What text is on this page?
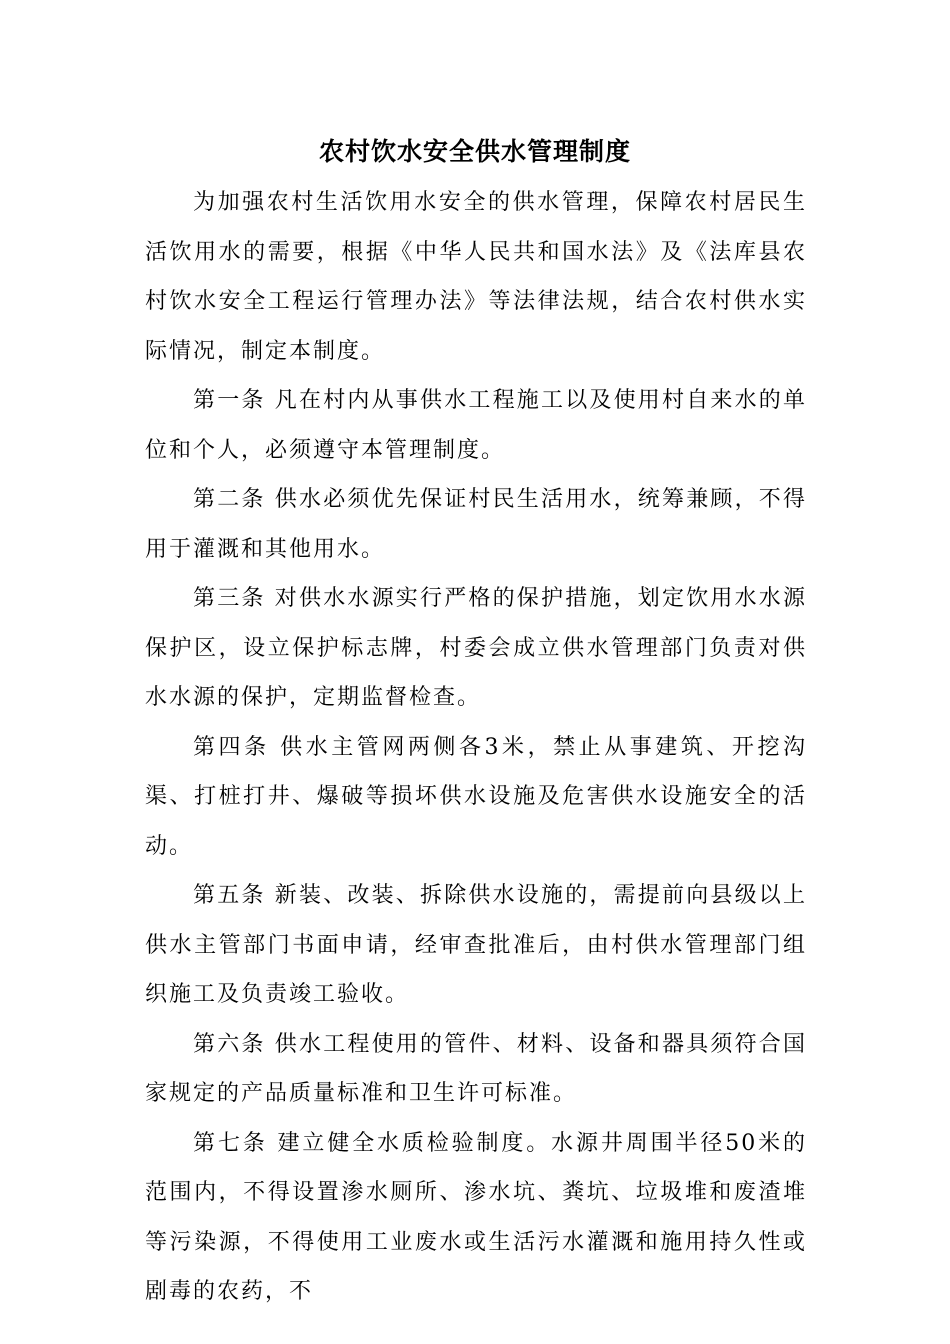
农村饮水安全供水管理制度

为加强农村生活饮用水安全的供水管理，保障农村居民生活饮用水的需要，根据《中华人民共和国水法》及《法库县农村饮水安全工程运行管理办法》等法律法规，结合农村供水实际情况，制定本制度。

第一条 凡在村内从事供水工程施工以及使用村自来水的单位和个人，必须遵守本管理制度。

第二条 供水必须优先保证村民生活用水，统筹兼顾，不得用于灌溉和其他用水。

第三条 对供水水源实行严格的保护措施，划定饮用水水源保护区，设立保护标志牌，村委会成立供水管理部门负责对供水水源的保护，定期监督检查。

第四条 供水主管网两侧各3米，禁止从事建筑、开挖沟渠、打桩打井、爆破等损坏供水设施及危害供水设施安全的活动。

第五条 新装、改装、拆除供水设施的，需提前向县级以上供水主管部门书面申请，经审查批准后，由村供水管理部门组织施工及负责竣工验收。

第六条 供水工程使用的管件、材料、设备和器具须符合国家规定的产品质量标准和卫生许可标准。

第七条 建立健全水质检验制度。水源井周围半径50米的范围内，不得设置渗水厕所、渗水坑、粪坑、垃圾堆和废渣堆等污染源，不得使用工业废水或生活污水灌溉和施用持久性或剧毒的农药，不
